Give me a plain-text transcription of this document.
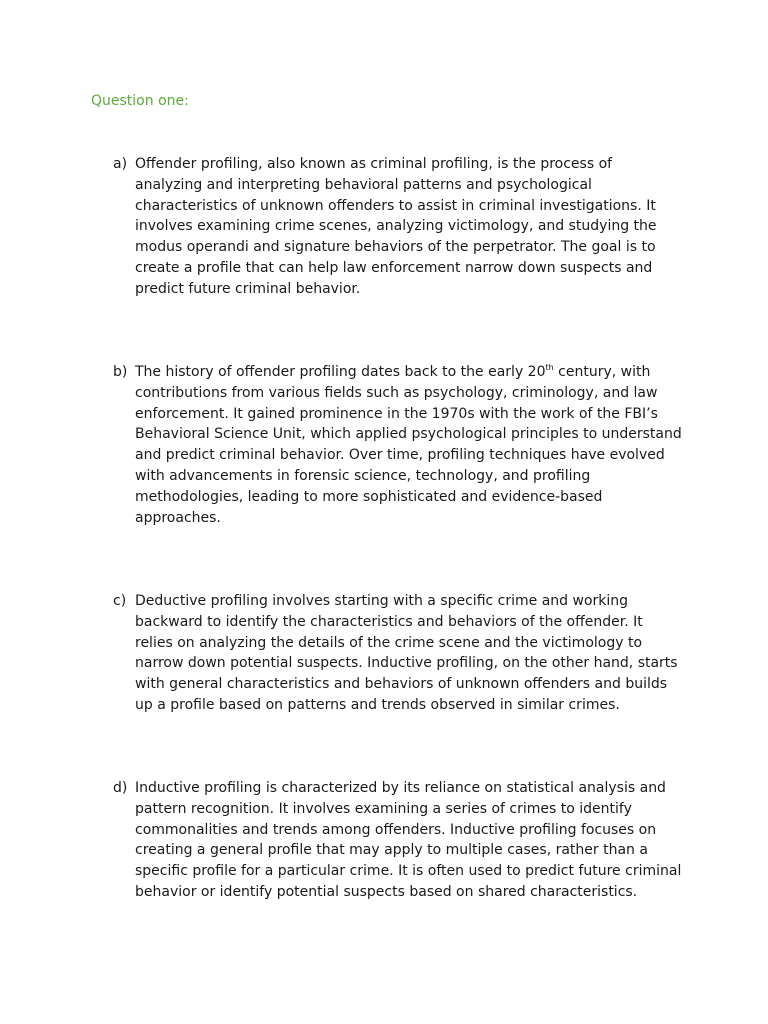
Question one:
a) Offender profiling, also known as criminal profiling, is the process of analyzing and interpreting behavioral patterns and psychological characteristics of unknown offenders to assist in criminal investigations. It involves examining crime scenes, analyzing victimology, and studying the modus operandi and signature behaviors of the perpetrator. The goal is to create a profile that can help law enforcement narrow down suspects and predict future criminal behavior.
b) The history of offender profiling dates back to the early 20th century, with contributions from various fields such as psychology, criminology, and law enforcement. It gained prominence in the 1970s with the work of the FBI’s Behavioral Science Unit, which applied psychological principles to understand and predict criminal behavior. Over time, profiling techniques have evolved with advancements in forensic science, technology, and profiling methodologies, leading to more sophisticated and evidence-based approaches.
c) Deductive profiling involves starting with a specific crime and working backward to identify the characteristics and behaviors of the offender. It relies on analyzing the details of the crime scene and the victimology to narrow down potential suspects. Inductive profiling, on the other hand, starts with general characteristics and behaviors of unknown offenders and builds up a profile based on patterns and trends observed in similar crimes.
d) Inductive profiling is characterized by its reliance on statistical analysis and pattern recognition. It involves examining a series of crimes to identify commonalities and trends among offenders. Inductive profiling focuses on creating a general profile that may apply to multiple cases, rather than a specific profile for a particular crime. It is often used to predict future criminal behavior or identify potential suspects based on shared characteristics.
